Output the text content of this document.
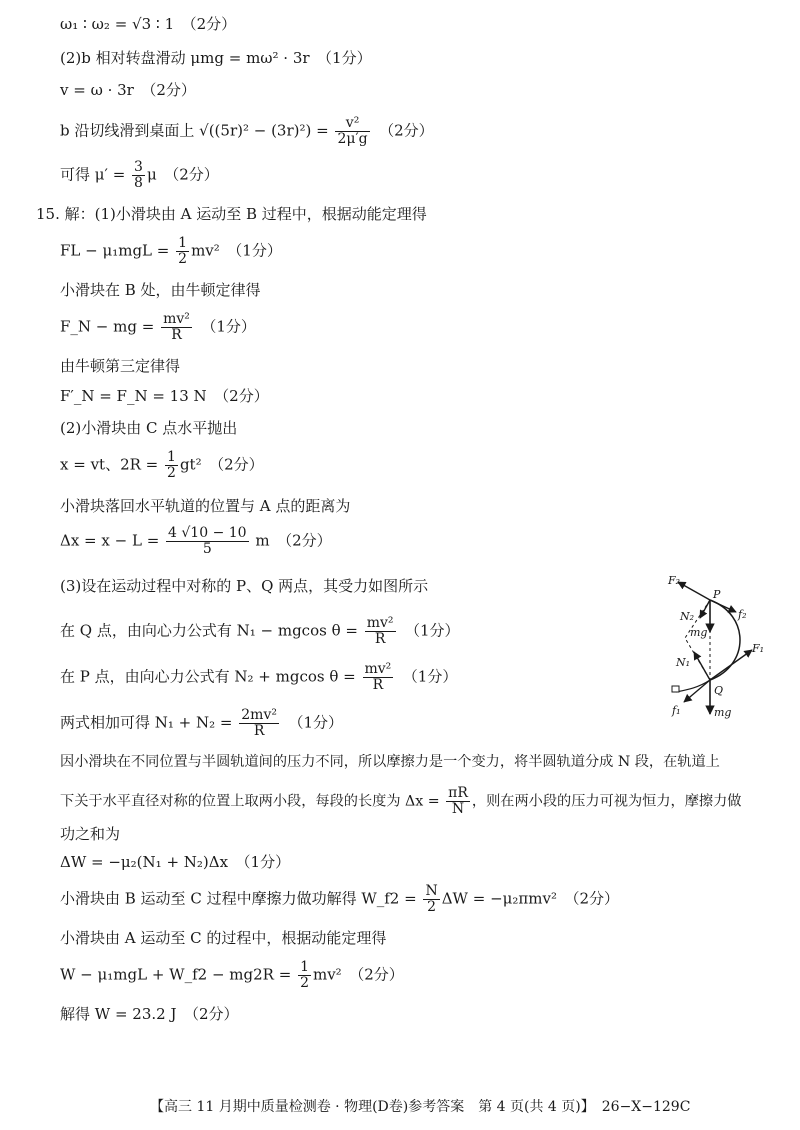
ω₁ ∶ ω₂ = √3 ∶ 1　（2分）
(2)b 相对转盘滑动 μmg = mω² · 3r　（1分）
v = ω · 3r　（2分）
b 沿切线滑到桌面上 $√((5r)^2 - (3r)^2) = \frac{\text{v²}}{2\mu'g}$ 　（2分）
可得 $\mu' = \frac{3}{8}$ μ　（2分）
15. 解：(1)小滑块由 A 运动至 B 过程中，根据动能定理得
FL − $\mu_1mgL = \frac{1}{2} mv^2$　（1分）
小滑块在 B 处，由牛顿定律得
F_N − mg = $\frac{\text{mv²}}{R}$ 　（1分）
由牛顿第三定律得
F′_N = F_N = 13 N　（2分）
(2)小滑块由 C 点水平抛出
x = vt、$2R = \frac{1}{2} gt^2$　（2分）
小滑块落回水平轨道的位置与 A 点的距离为
$\Delta x = x - L = \frac{4 √10 - 10}{5}$ m　（2分）
(3)设在运动过程中对称的 P、Q 两点，其受力如图所示
在 Q 点，由向心力公式有 N₁ − mgcos $\theta = \frac{\text{mv²}}{R}$ 　（1分）
在 P 点，由向心力公式有 N₂ + mgcos $\theta = \frac{\text{mv²}}{R}$ 　（1分）
两式相加可得 $N_1 + N_2 = \frac{\text{2mv²}}{R}$ 　（1分）
因小滑块在不同位置与半圆轨道间的压力不同，所以摩擦力是一个变力，将半圆轨道分成 N 段，在轨道上
下关于水平直径对称的位置上取两小段，每段的长度为 $\Delta x = \frac{\pi R}{N}$ ，则在两小段的压力可视为恒力，摩擦力做
功之和为
ΔW = −μ₂(N₁ + N₂)Δx　（1分）
小滑块由 B 运动至 C 过程中摩擦力做功解得 W_f2 = $\frac{N}{2}$ ΔW = −μ₂πmv²　（2分）
小滑块由 A 运动至 C 的过程中，根据动能定理得
W − μ₁mgL + W_f2 − $mg2R = \frac{1}{2} mv^2$　（2分）
解得 W = 23.2 J　（2分）
F₂
P
N₂	f₂
mg
F₁
N₁
Q
f₁	mg
【高三 11 月期中质量检测卷 · 物理(D卷)参考答案　第 4 页(共 4 页)】　26−X−129C
